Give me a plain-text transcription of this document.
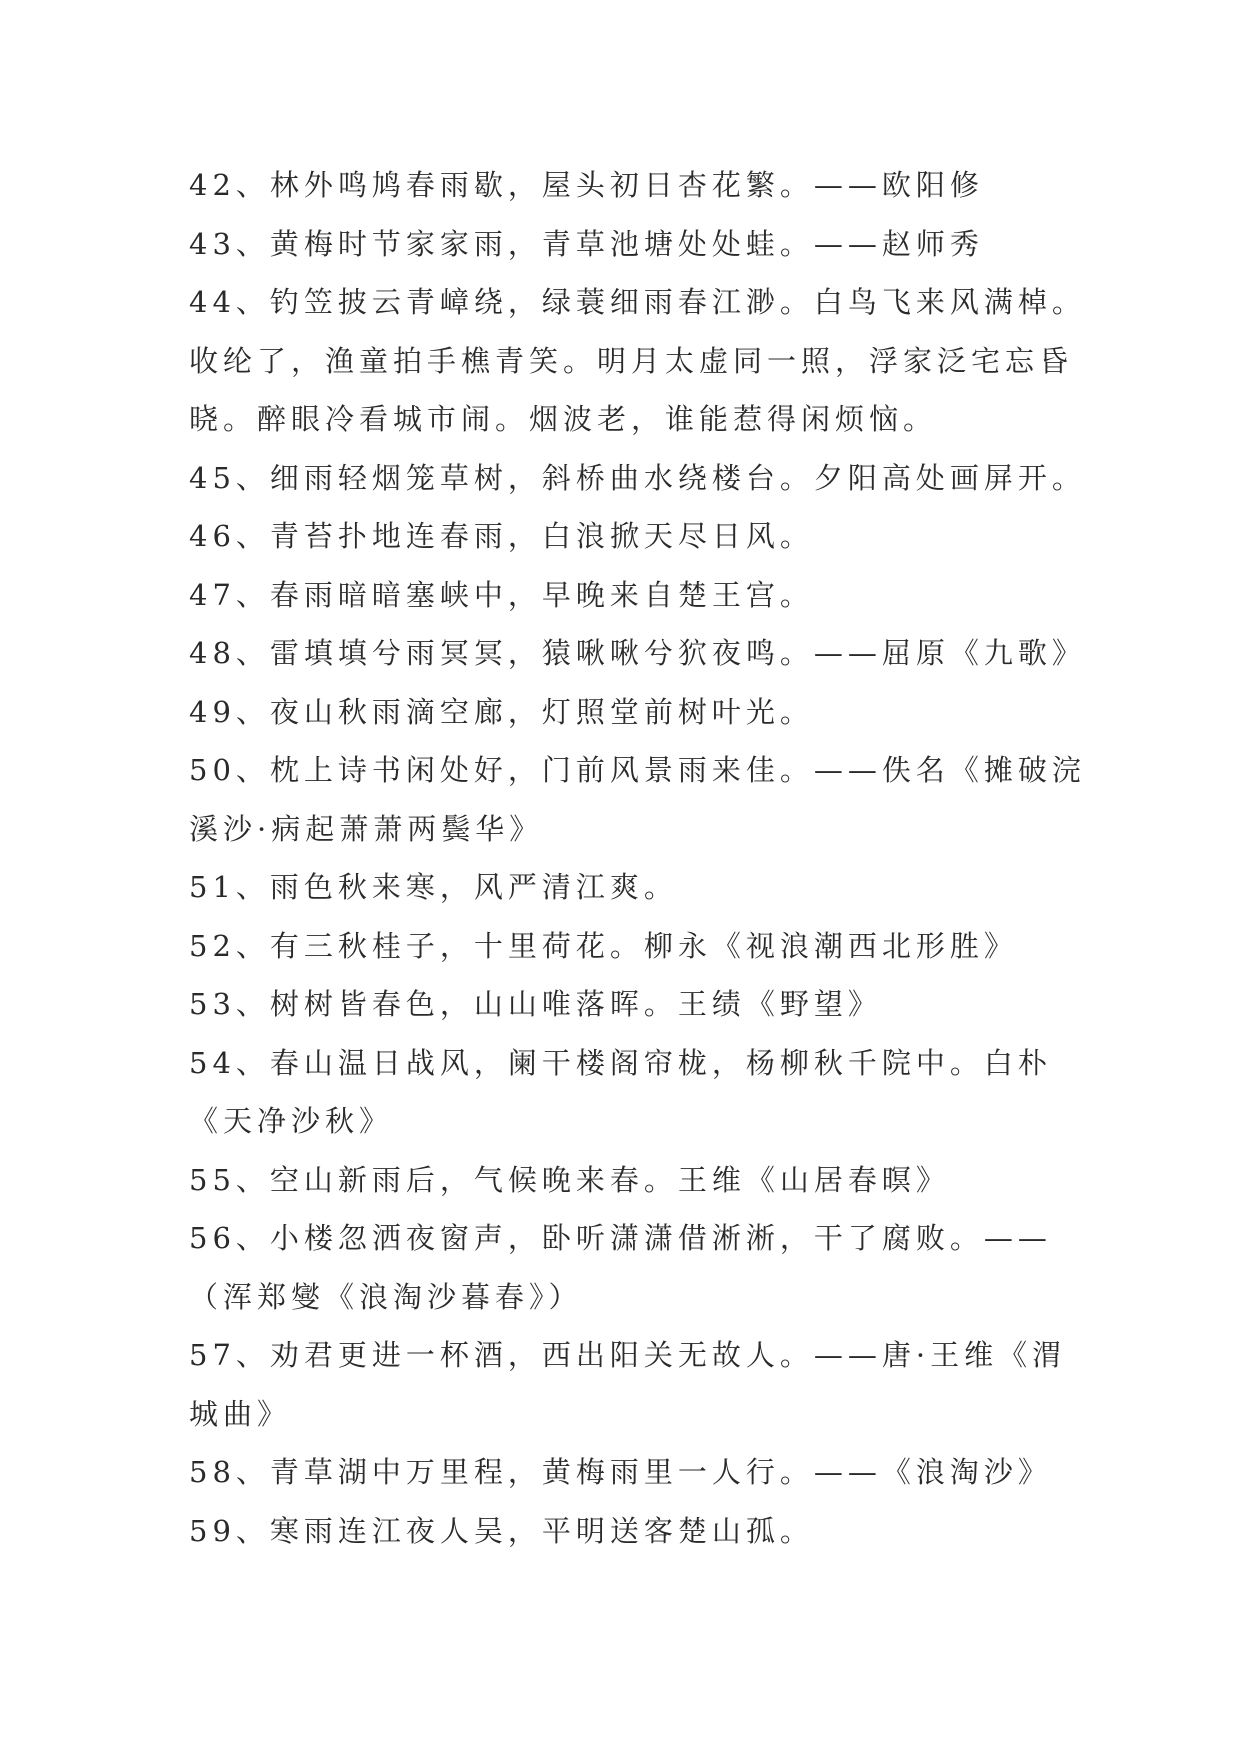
42、林外鸣鸠春雨歇，屋头初日杏花繁。——欧阳修
43、黄梅时节家家雨，青草池塘处处蛙。——赵师秀
44、钓笠披云青嶂绕，绿蓑细雨春江渺。白鸟飞来风满棹。
收纶了，渔童拍手樵青笑。明月太虚同一照，浮家泛宅忘昏
晓。醉眼冷看城市闹。烟波老，谁能惹得闲烦恼。
45、细雨轻烟笼草树，斜桥曲水绕楼台。夕阳高处画屏开。
46、青苔扑地连春雨，白浪掀天尽日风。
47、春雨暗暗塞峡中，早晚来自楚王宫。
48、雷填填兮雨冥冥，猿啾啾兮狖夜鸣。——屈原《九歌》
49、夜山秋雨滴空廊，灯照堂前树叶光。
50、枕上诗书闲处好，门前风景雨来佳。——佚名《摊破浣
溪沙·病起萧萧两鬓华》
51、雨色秋来寒，风严清江爽。
52、有三秋桂子，十里荷花。柳永《视浪潮西北形胜》
53、树树皆春色，山山唯落晖。王绩《野望》
54、春山温日战风，阑干楼阁帘栊，杨柳秋千院中。白朴
《天净沙秋》
55、空山新雨后，气候晚来春。王维《山居春暝》
56、小楼忽洒夜窗声，卧听潇潇借淅淅，干了腐败。——
（浑郑燮《浪淘沙暮春》）
57、劝君更进一杯酒，西出阳关无故人。——唐·王维《渭
城曲》
58、青草湖中万里程，黄梅雨里一人行。——《浪淘沙》
59、寒雨连江夜人吴，平明送客楚山孤。
